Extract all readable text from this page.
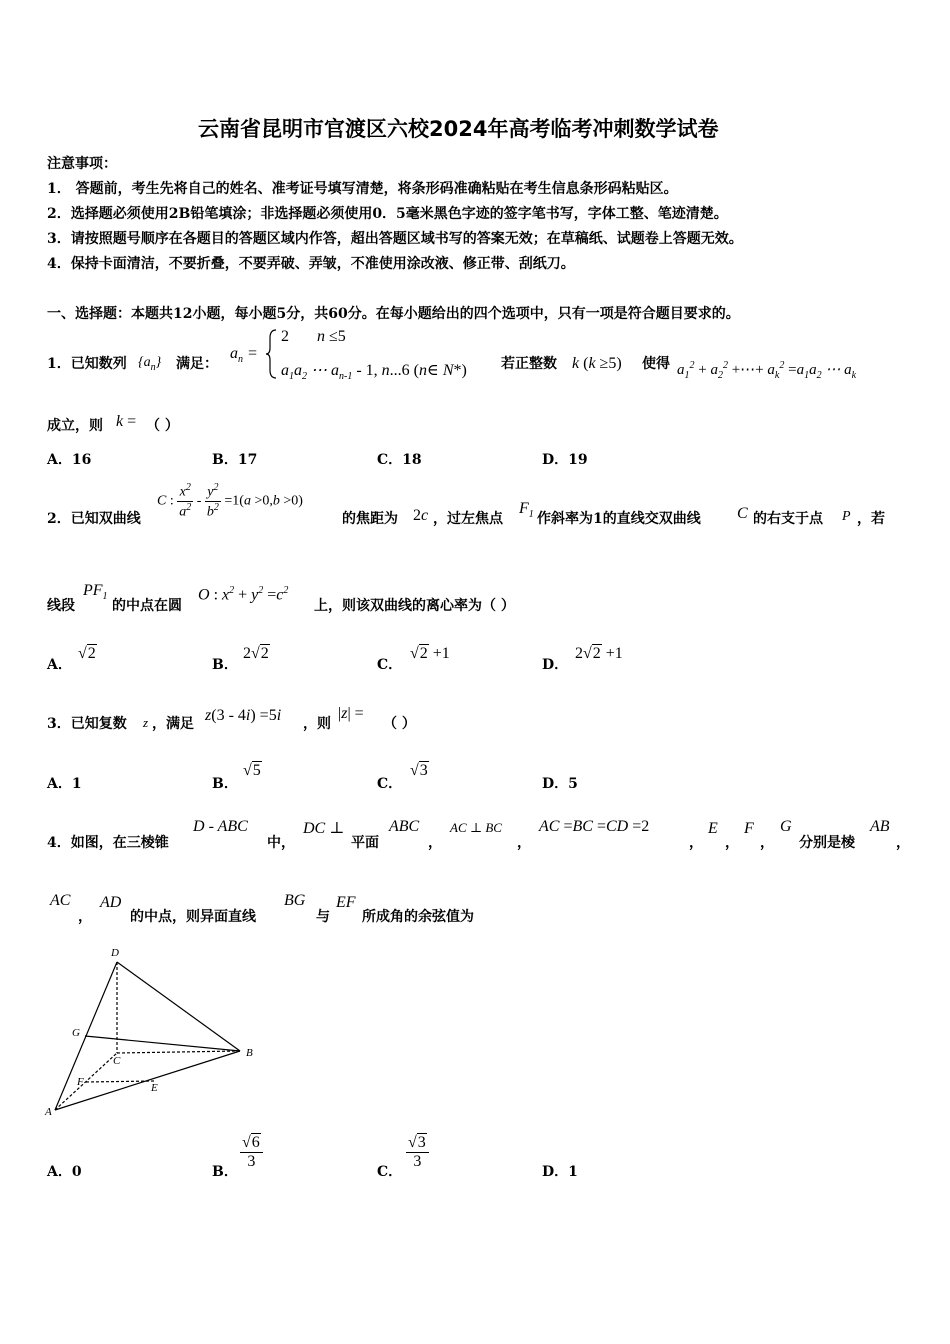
云南省昆明市官渡区六校2024年高考临考冲刺数学试卷
注意事项：
1． 答题前，考生先将自己的姓名、准考证号填写清楚，将条形码准确粘贴在考生信息条形码粘贴区。
2．选择题必须使用2B铅笔填涂；非选择题必须使用0．5毫米黑色字迹的签字笔书写，字体工整、笔迹清楚。
3．请按照题号顺序在各题目的答题区域内作答，超出答题区域书写的答案无效；在草稿纸、试题卷上答题无效。
4．保持卡面清洁，不要折叠，不要弄破、弄皱，不准使用涂改液、修正带、刮纸刀。
一、选择题：本题共12小题，每小题5分，共60分。在每小题给出的四个选项中，只有一项是符合题目要求的。
1．已知数列 $\{a_n\}$ 满足：
$a_n$ =
2       n ≤5
$a_1a_2$ ⋯ $a_{n-1} - 1$, n...6 (n∈ N*) 若正整数 k (k ≥5) 使得 $a_1^2 + a_2^2$ +⋯+ $a_k^2 =a_1a_2$ ⋯ $a_k$
成立，则 k = （ ）
A．16	B．17	C．18	D．19
2．已知双曲线
C : $\frac{x^2}{a^2} - \frac{y^2}{b^2} =1(a >0,b >0)$
的焦距为 2c ，过左焦点
$F_1$ 作斜率为1的直线交双曲线 C 的右支于点 P ，若
线段
$PF_1$
的中点在圆
O : $x^2 + y^2 =c^2$
上，则该双曲线的离心率为（ ）
A．
√2
B．
2√2
C．
√2 +1
D．
2√2 +1
3．已知复数 z ，满足 z(3 - 4i) =5i ，则
|z| =
（ ）
A．1	B．
√5
C．
√3
D．5
4．如图，在三棱锥
D - ABC
中，
DC ⊥
平面
ABC
，
AC ⊥ BC
，
AC =BC =CD =2
，
E
，
F
，
G
分别是棱
AB
，
AC
，
AD
的中点，则异面直线
BG
与
EF
所成角的余弦值为
D
G
C
B
F	E
A
A．0	B．
$\frac{√6}{3}$
C．
$\frac{√3}{3}$
D．1
